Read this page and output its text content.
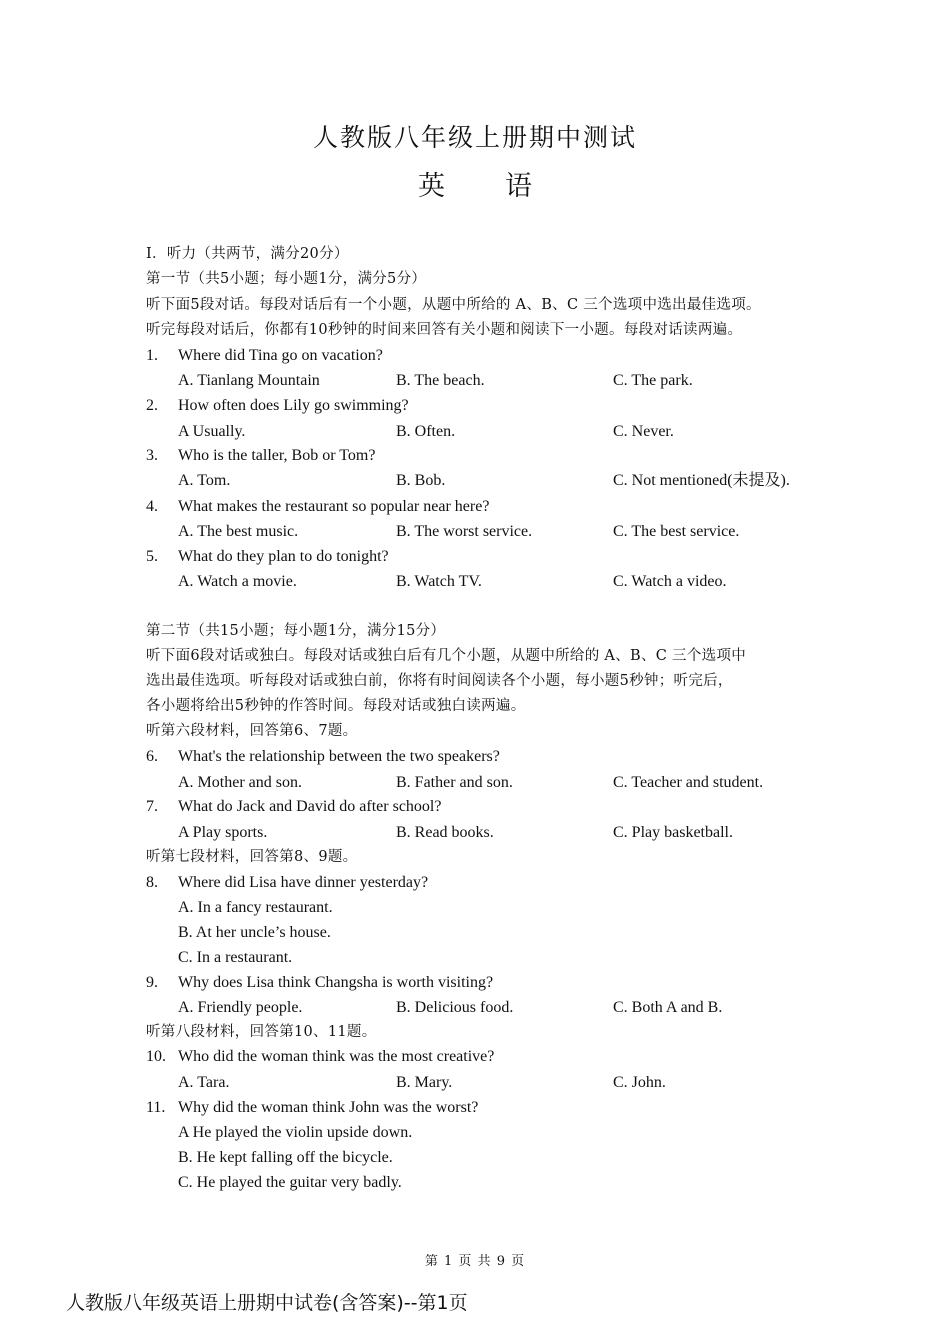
人教版八年级上册期中测试
英 语
I．听力（共两节，满分20分）
第一节（共5小题；每小题1分，满分5分）
听下面5段对话。每段对话后有一个小题，从题中所给的 A、B、C 三个选项中选出最佳选项。
听完每段对话后，你都有10秒钟的时间来回答有关小题和阅读下一小题。每段对话读两遍。
1. Where did Tina go on vacation?
A. Tianlang Mountain	B. The beach.	C. The park.
2. How often does Lily go swimming?
A Usually.	B. Often.	C. Never.
3. Who is the taller, Bob or Tom?
A. Tom.	B. Bob.	C. Not mentioned(未提及).
4. What makes the restaurant so popular near here?
A. The best music.	B. The worst service.	C. The best service.
5. What do they plan to do tonight?
A. Watch a movie.	B. Watch TV.	C. Watch a video.
第二节（共15小题；每小题1分，满分15分）
听下面6段对话或独白。每段对话或独白后有几个小题，从题中所给的 A、B、C 三个选项中
选出最佳选项。听每段对话或独白前，你将有时间阅读各个小题，每小题5秒钟；听完后，
各小题将给出5秒钟的作答时间。每段对话或独白读两遍。
听第六段材料，回答第6、7题。
6. What's the relationship between the two speakers?
A. Mother and son.	B. Father and son.	C. Teacher and student.
7. What do Jack and David do after school?
A Play sports.	B. Read books.	C. Play basketball.
听第七段材料，回答第8、9题。
8. Where did Lisa have dinner yesterday?
A. In a fancy restaurant.
B. At her uncle’s house.
C. In a restaurant.
9. Why does Lisa think Changsha is worth visiting?
A. Friendly people.	B. Delicious food.	C. Both A and B.
听第八段材料，回答第10、11题。
10. Who did the woman think was the most creative?
A. Tara.	B. Mary.	C. John.
11. Why did the woman think John was the worst?
A He played the violin upside down.
B. He kept falling off the bicycle.
C. He played the guitar very badly.
第 1 页 共 9 页
人教版八年级英语上册期中试卷(含答案)--第1页
